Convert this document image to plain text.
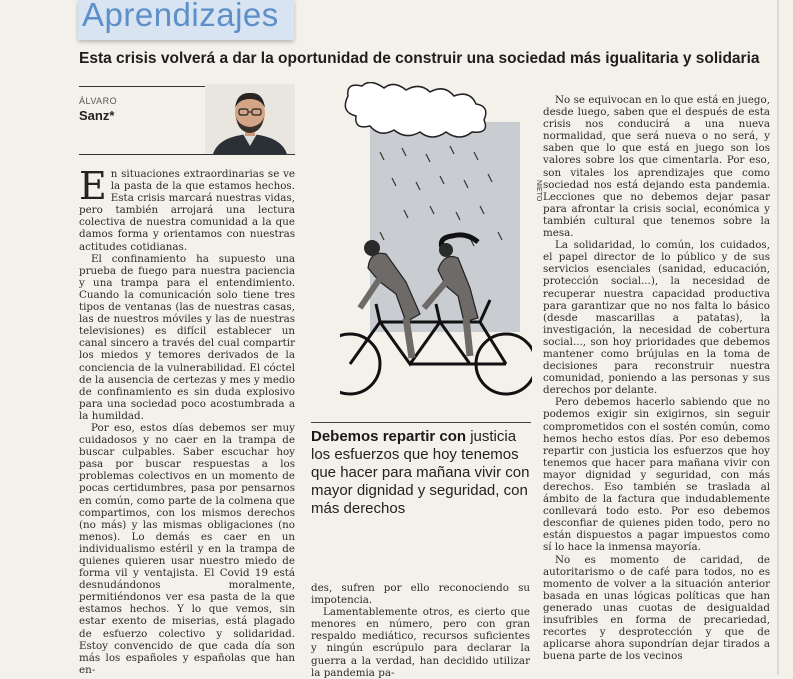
Aprendizajes
Esta crisis volverá a dar la oportunidad de construir una sociedad más igualitaria y solidaria
ÁLVARO
Sanz*

En situaciones extraordinarias se ve la pasta de la que estamos hechos. Esta crisis marcará nuestras vidas, pero también arrojará una lectura colectiva de nuestra comunidad a la que damos forma y orientamos con nuestras actitudes cotidianas.

El confinamiento ha supuesto una prueba de fuego para nuestra paciencia y una trampa para el entendimiento. Cuando la comunicación solo tiene tres tipos de ventanas (las de nuestras casas, las de nuestros móviles y las de nuestras televisiones) es difícil establecer un canal sincero a través del cual compartir los miedos y temores derivados de la conciencia de la vulnerabilidad. El cóctel de la ausencia de certezas y mes y medio de confinamiento es sin duda explosivo para una sociedad poco acostumbrada a la humildad.

Por eso, estos días debemos ser muy cuidadosos y no caer en la trampa de buscar culpables. Saber escuchar hoy pasa por buscar respuestas a los problemas colectivos en un momento de pocas certidumbres, pasa por pensarnos en común, como parte de la colmena que compartimos, con los mismos derechos (no más) y las mismas obligaciones (no menos). Lo demás es caer en un individualismo estéril y en la trampa de quienes quieren usar nuestro miedo de forma vil y ventajista. El Covid 19 está desnudándonos moralmente, permitiéndonos ver esa pasta de la que estamos hechos. Y lo que vemos, sin estar exento de miserias, está plagado de esfuerzo colectivo y solidaridad. Estoy convencido de que cada día son más los españoles y españolas que han en-

NIETO
Debemos repartir con justicia los esfuerzos que hoy tenemos que hacer para mañana vivir con mayor dignidad y seguridad, con más derechos

des, sufren por ello reconociendo su impotencia.

Lamentablemente otros, es cierto que menores en número, pero con gran respaldo mediático, recursos suficientes y ningún escrúpulo para declarar la guerra a la verdad, han decidido utilizar la pandemia pa-

No se equivocan en lo que está en juego, desde luego, saben que el después de esta crisis nos conducirá a una nueva normalidad, que será nueva o no será, y saben que lo que está en juego son los valores sobre los que cimentarla. Por eso, son vitales los aprendizajes que como sociedad nos está dejando esta pandemia. Lecciones que no debemos dejar pasar para afrontar la crisis social, económica y también cultural que tenemos sobre la mesa.

La solidaridad, lo común, los cuidados, el papel director de lo público y de sus servicios esenciales (sanidad, educación, protección social...), la necesidad de recuperar nuestra capacidad productiva para garantizar que no nos falta lo básico (desde mascarillas a patatas), la investigación, la necesidad de cobertura social..., son hoy prioridades que debemos mantener como brújulas en la toma de decisiones para reconstruir nuestra comunidad, poniendo a las personas y sus derechos por delante.

Pero debemos hacerlo sabiendo que no podemos exigir sin exigirnos, sin seguir comprometidos con el sostén común, como hemos hecho estos días. Por eso debemos repartir con justicia los esfuerzos que hoy tenemos que hacer para mañana vivir con mayor dignidad y seguridad, con más derechos. Eso también se traslada al ámbito de la factura que indudablemente conllevará todo esto. Por eso debemos desconfiar de quienes piden todo, pero no están dispuestos a pagar impuestos como sí lo hace la inmensa mayoría.

No es momento de caridad, de autoritarismo o de café para todos, no es momento de volver a la situación anterior basada en unas lógicas políticas que han generado unas cuotas de desigualdad insufribles en forma de precariedad, recortes y desprotección y que de aplicarse ahora supondrían dejar tirados a buena parte de los vecinos
